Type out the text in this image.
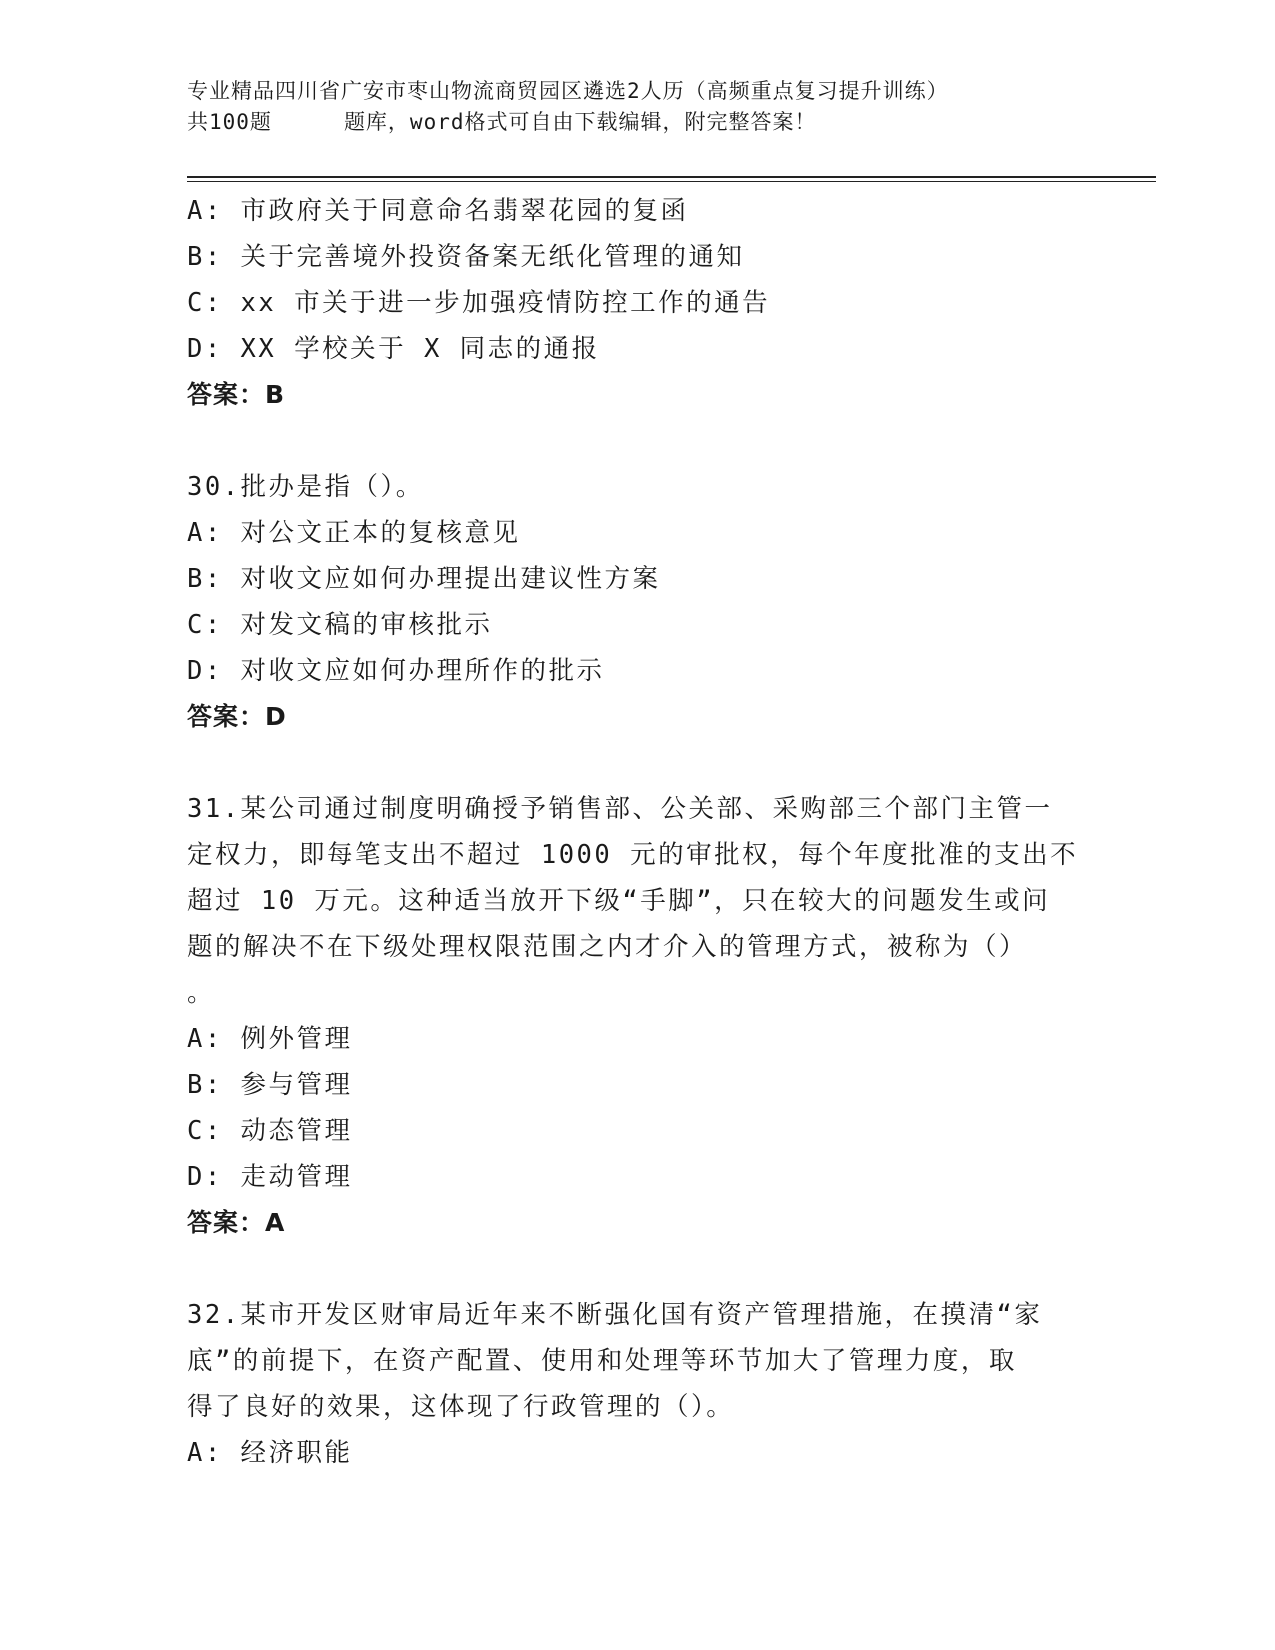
专业精品四川省广安市枣山物流商贸园区遴选2人历（高频重点复习提升训练）
共100题	题库，word格式可自由下载编辑，附完整答案！
A: 市政府关于同意命名翡翠花园的复函
B: 关于完善境外投资备案无纸化管理的通知
C: xx 市关于进一步加强疫情防控工作的通告
D: XX 学校关于 X 同志的通报
答案：B
30.批办是指（）。
A: 对公文正本的复核意见
B: 对收文应如何办理提出建议性方案
C: 对发文稿的审核批示
D: 对收文应如何办理所作的批示
答案：D
31.某公司通过制度明确授予销售部、公关部、采购部三个部门主管一
定权力，即每笔支出不超过 1000 元的审批权，每个年度批准的支出不
超过 10 万元。这种适当放开下级“手脚”，只在较大的问题发生或问
题的解决不在下级处理权限范围之内才介入的管理方式，被称为（）
。
A: 例外管理
B: 参与管理
C: 动态管理
D: 走动管理
答案：A
32.某市开发区财审局近年来不断强化国有资产管理措施，在摸清“家
底”的前提下，在资产配置、使用和处理等环节加大了管理力度，取
得了良好的效果，这体现了行政管理的（）。
A: 经济职能
